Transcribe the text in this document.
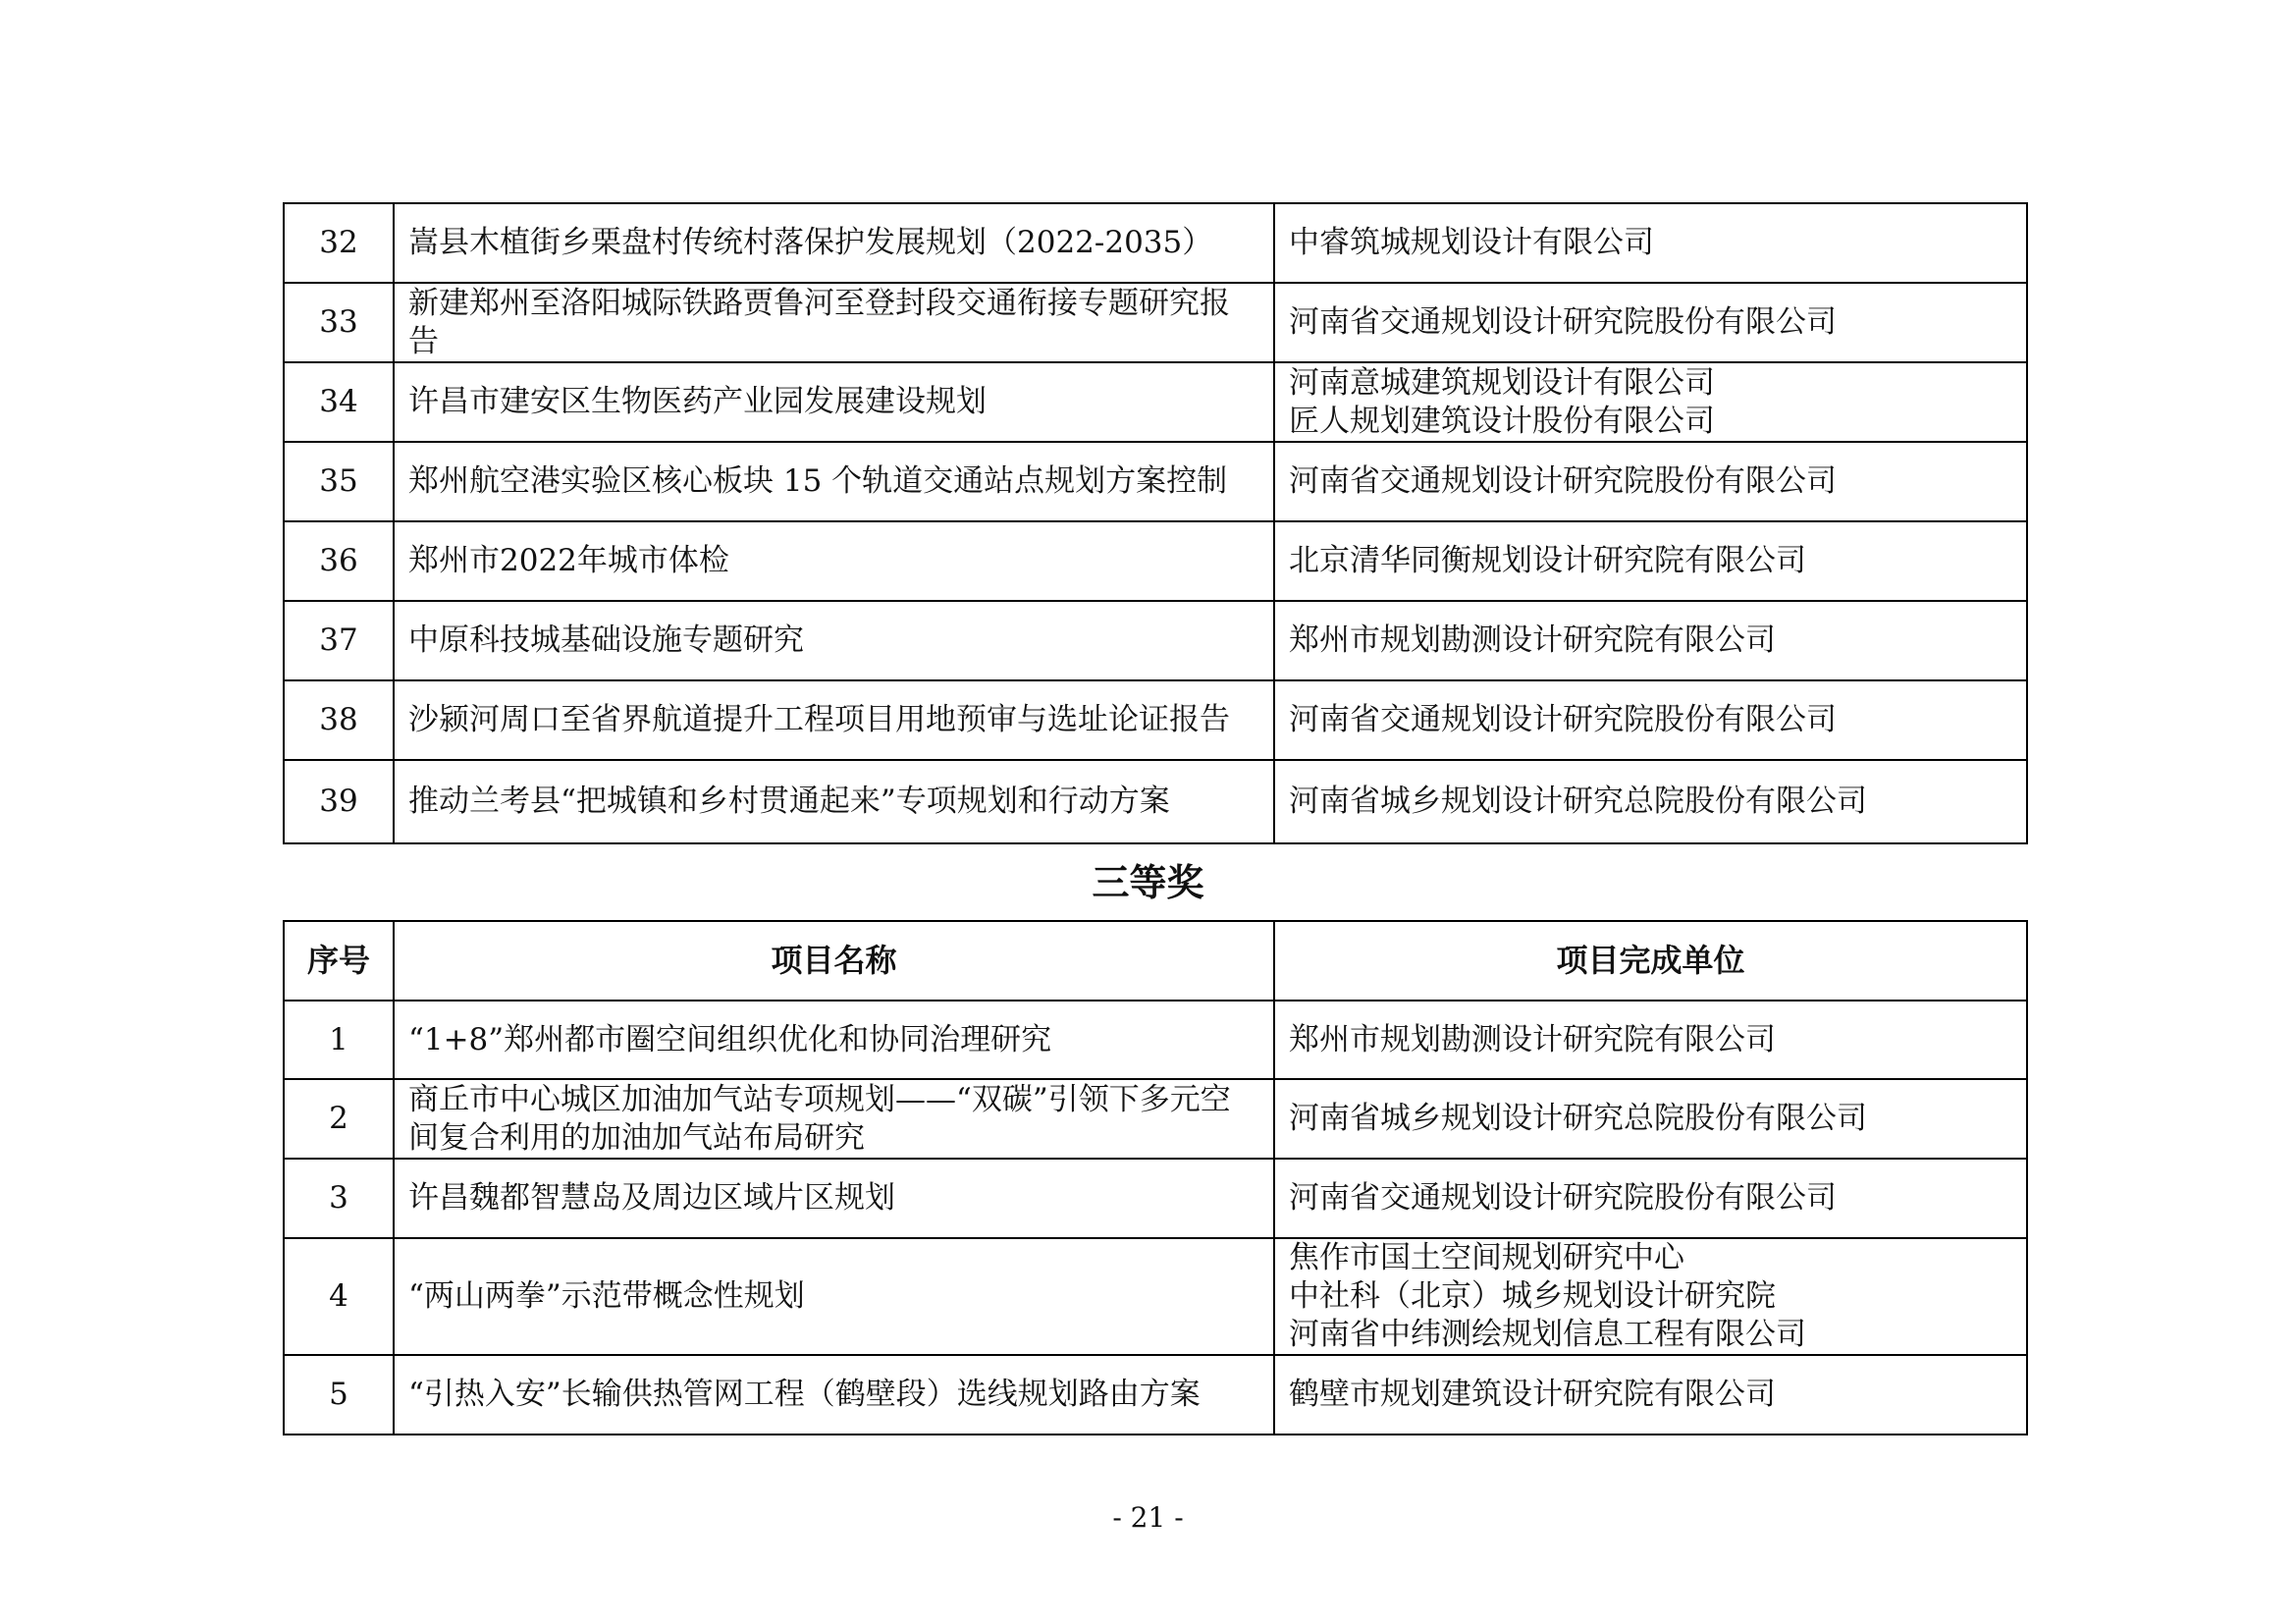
32	嵩县木植街乡栗盘村传统村落保护发展规划（2022-2035）	中睿筑城规划设计有限公司

33	新建郑州至洛阳城际铁路贾鲁河至登封段交通衔接专题研究报告	河南省交通规划设计研究院股份有限公司

34	许昌市建安区生物医药产业园发展建设规划	河南意城建筑规划设计有限公司
匠人规划建筑设计股份有限公司

35	郑州航空港实验区核心板块 15 个轨道交通站点规划方案控制	河南省交通规划设计研究院股份有限公司

36	郑州市2022年城市体检	北京清华同衡规划设计研究院有限公司

37	中原科技城基础设施专题研究	郑州市规划勘测设计研究院有限公司

38	沙颍河周口至省界航道提升工程项目用地预审与选址论证报告	河南省交通规划设计研究院股份有限公司

39	推动兰考县“把城镇和乡村贯通起来”专项规划和行动方案	河南省城乡规划设计研究总院股份有限公司
三等奖
序号	项目名称	项目完成单位
1	“1+8”郑州都市圈空间组织优化和协同治理研究	郑州市规划勘测设计研究院有限公司

2	商丘市中心城区加油加气站专项规划——“双碳”引领下多元空间复合利用的加油加气站布局研究	河南省城乡规划设计研究总院股份有限公司

3	许昌魏都智慧岛及周边区域片区规划	河南省交通规划设计研究院股份有限公司

4	“两山两拳”示范带概念性规划	焦作市国土空间规划研究中心
中社科（北京）城乡规划设计研究院
河南省中纬测绘规划信息工程有限公司

5	“引热入安”长输供热管网工程（鹤壁段）选线规划路由方案	鹤壁市规划建筑设计研究院有限公司
- 21 -
